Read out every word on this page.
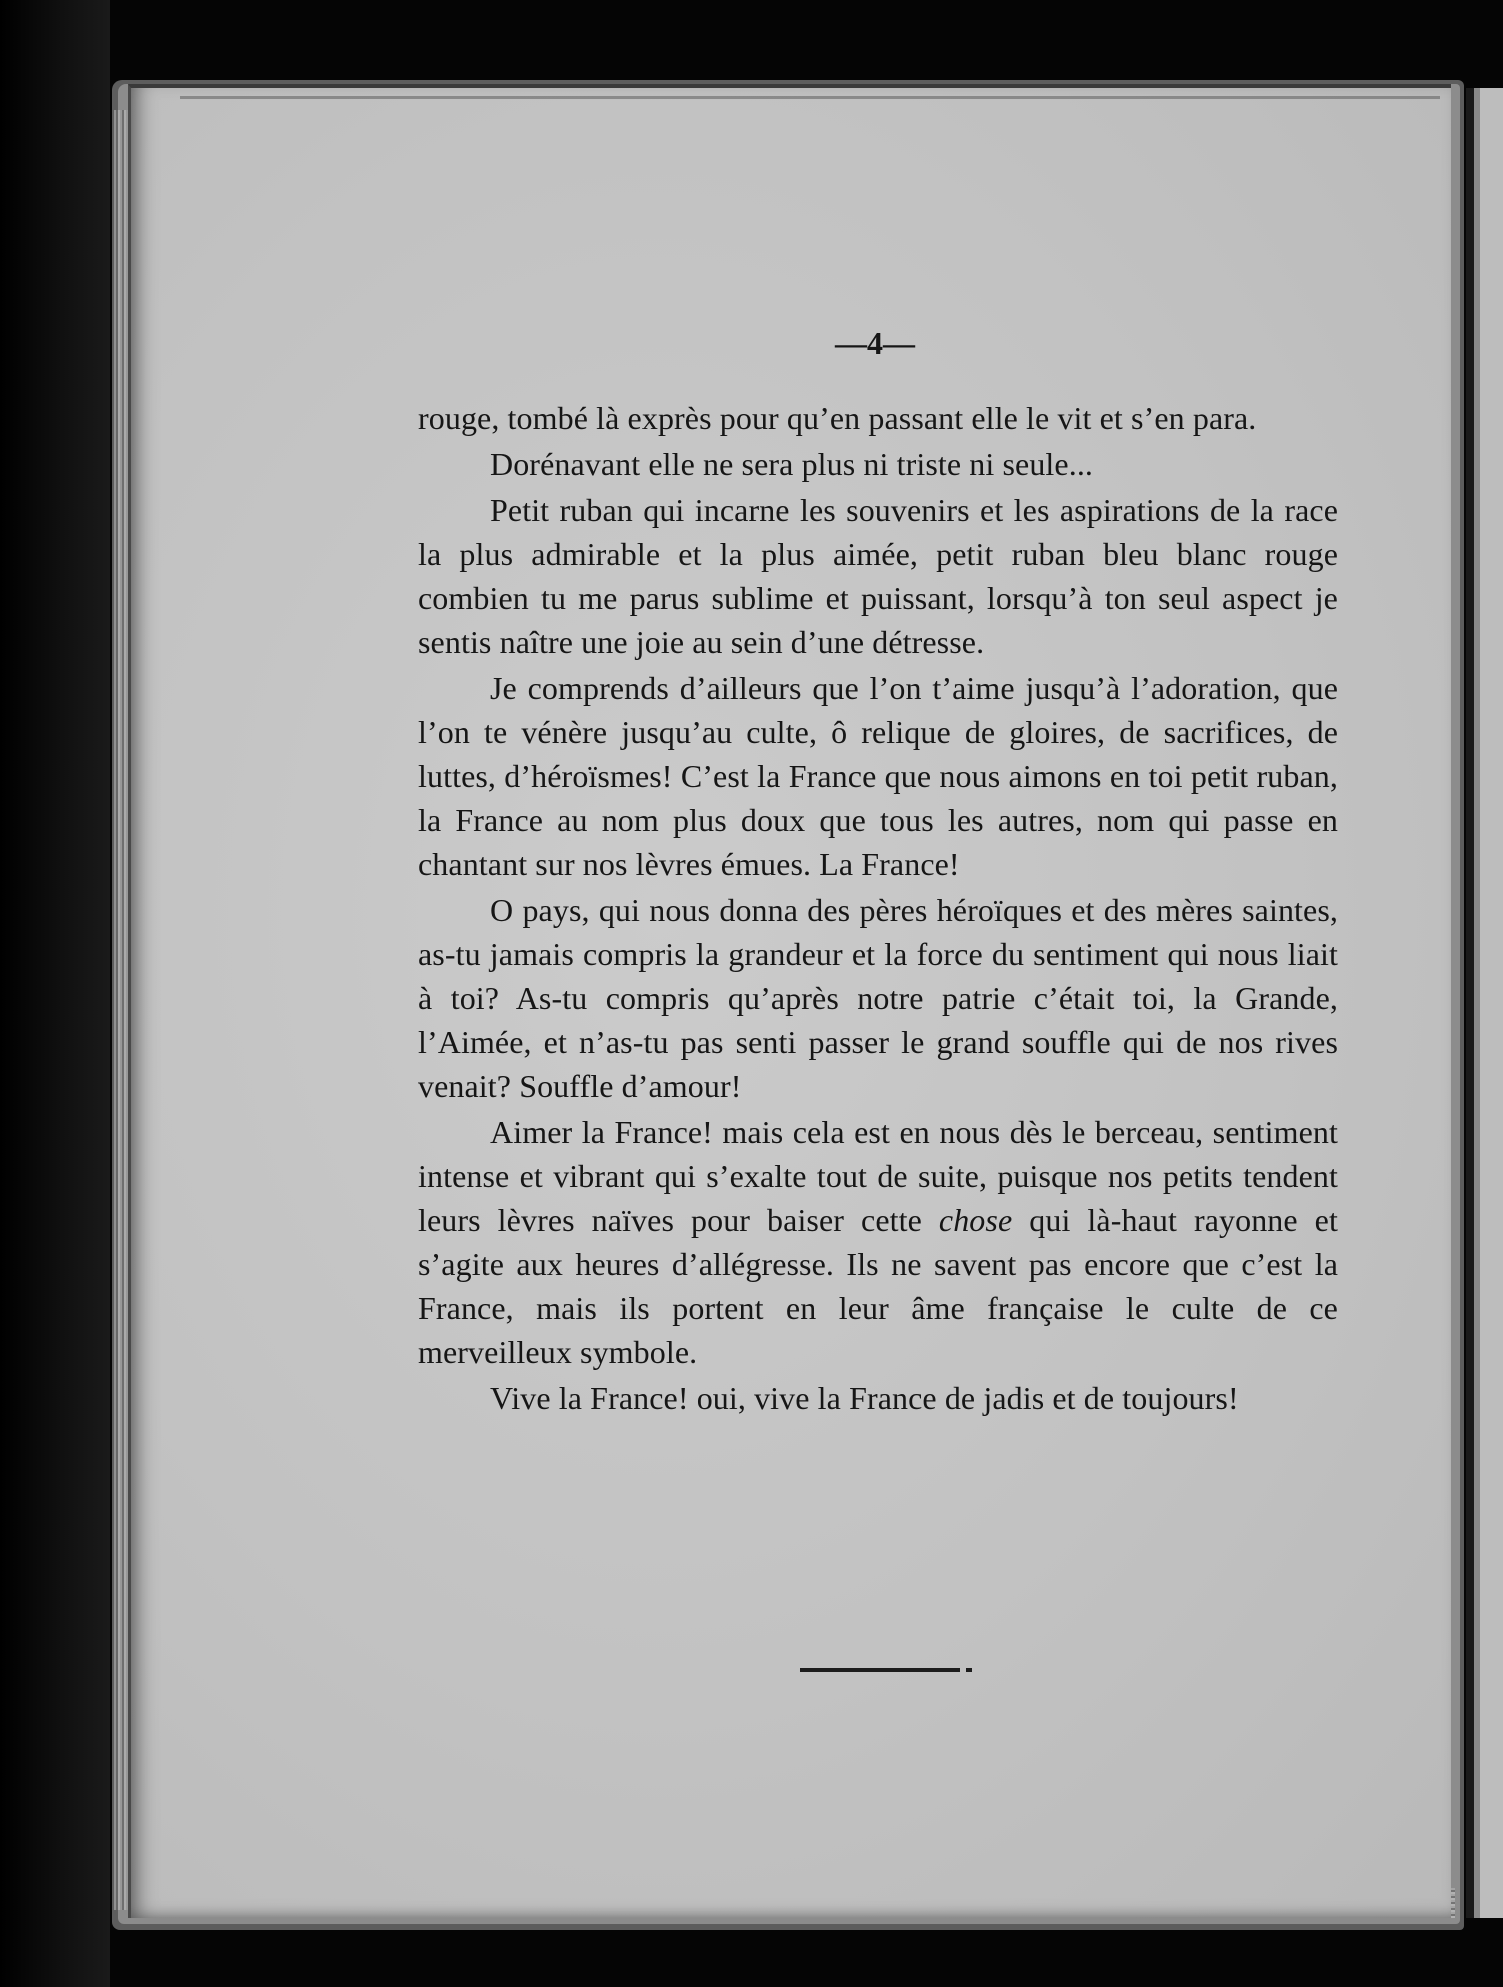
—4—

rouge, tombé là exprès pour qu’en passant elle le vit et s’en para.

Dorénavant elle ne sera plus ni triste ni seule...

Petit ruban qui incarne les souvenirs et les aspirations de la race la plus admirable et la plus aimée, petit ruban bleu blanc rouge combien tu me parus sublime et puissant, lorsqu’à ton seul aspect je sentis naître une joie au sein d’une détresse.

Je comprends d’ailleurs que l’on t’aime jusqu’à l’adoration, que l’on te vénère jusqu’au culte, ô relique de gloires, de sacrifices, de luttes, d’héroïsmes! C’est la France que nous aimons en toi petit ruban, la France au nom plus doux que tous les autres, nom qui passe en chantant sur nos lèvres émues. La France!

O pays, qui nous donna des pères héroïques et des mères saintes, as-tu jamais compris la grandeur et la force du sentiment qui nous liait à toi? As-tu compris qu’après notre patrie c’était toi, la Grande, l’Aimée, et n’as-tu pas senti passer le grand souffle qui de nos rives venait? Souffle d’amour!

Aimer la France! mais cela est en nous dès le berceau, sentiment intense et vibrant qui s’exalte tout de suite, puisque nos petits tendent leurs lèvres naïves pour baiser cette chose qui là-haut rayonne et s’agite aux heures d’allégresse. Ils ne savent pas encore que c’est la France, mais ils portent en leur âme française le culte de ce merveilleux symbole.

Vive la France! oui, vive la France de jadis et de toujours!
